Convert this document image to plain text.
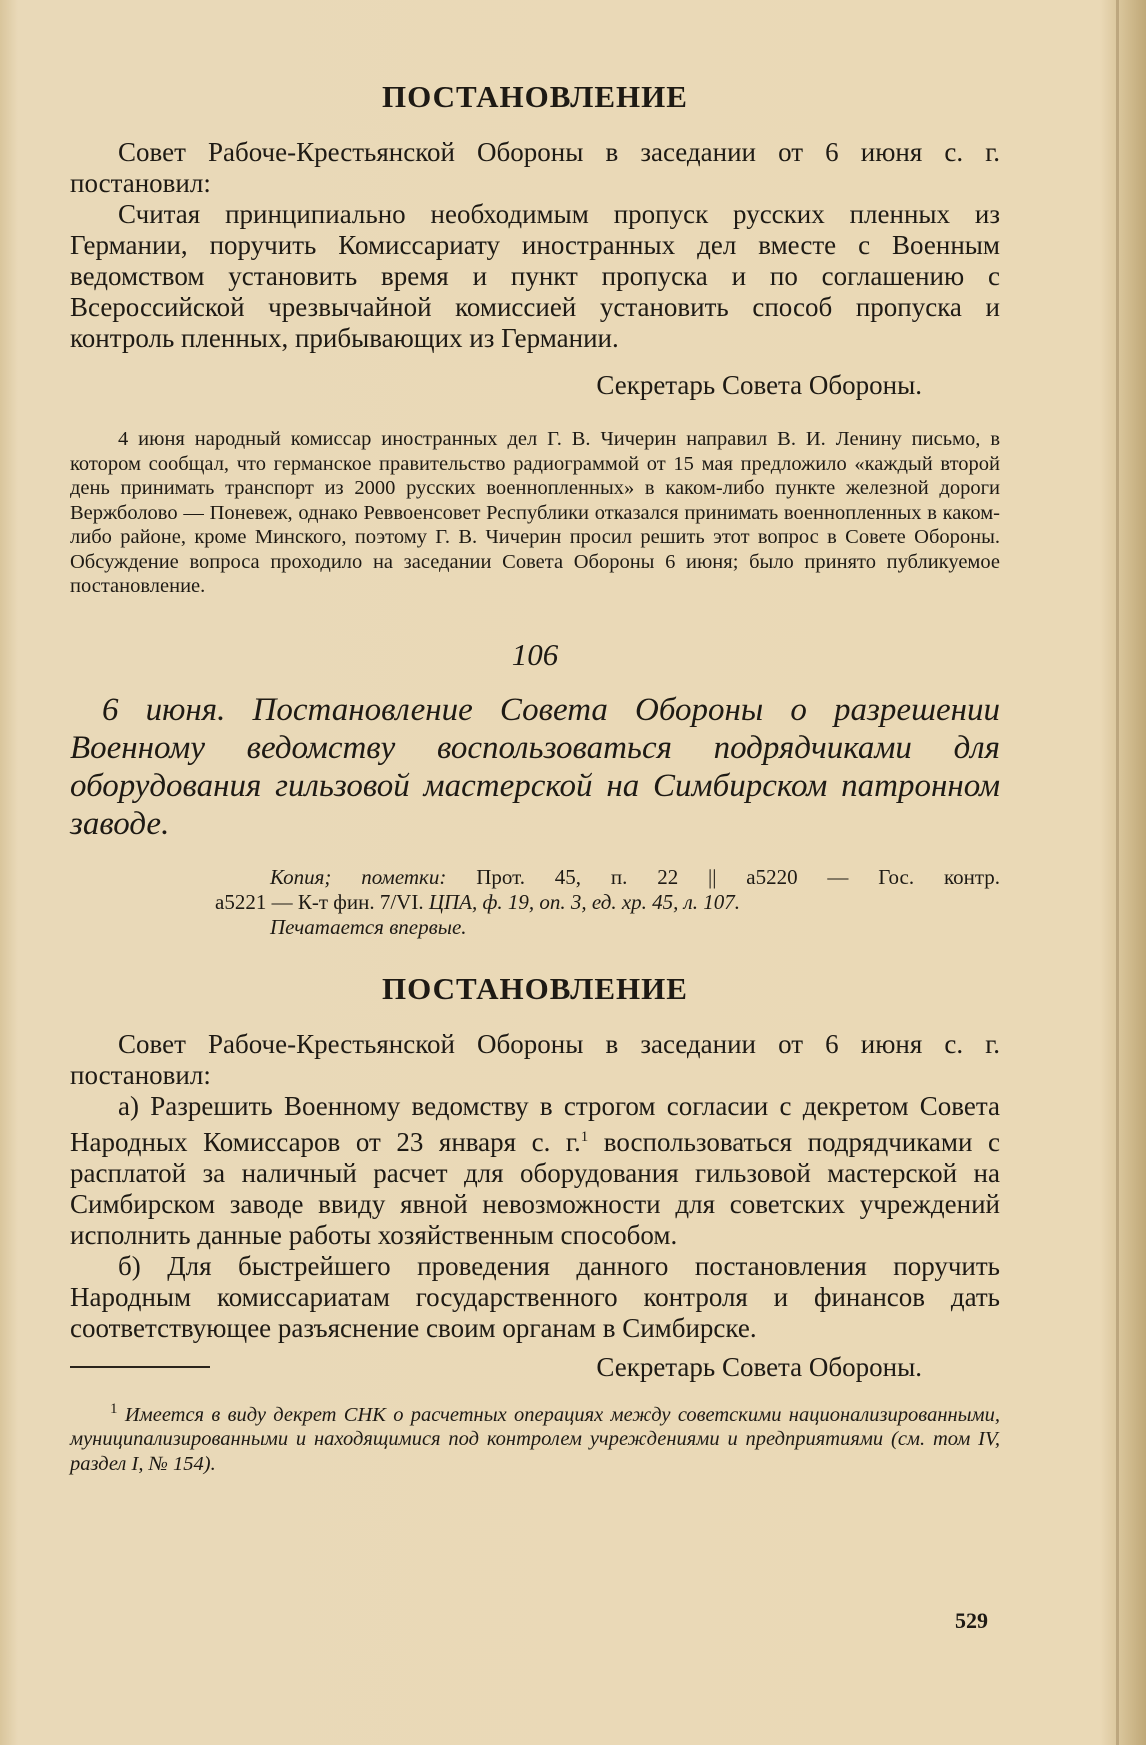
ПОСТАНОВЛЕНИЕ

Совет Рабоче-Крестьянской Обороны в заседании от 6 июня с. г. постановил:

Считая принципиально необходимым пропуск русских пленных из Германии, поручить Комиссариату иностранных дел вместе с Военным ведомством установить время и пункт пропуска и по соглашению с Всероссийской чрезвычайной комиссией установить способ пропуска и контроль пленных, прибывающих из Германии.

Секретарь Совета Обороны.

4 июня народный комиссар иностранных дел Г. В. Чичерин направил В. И. Ленину письмо, в котором сообщал, что германское правительство радиограммой от 15 мая предложило «каждый второй день принимать транспорт из 2000 русских военнопленных» в каком-либо пункте железной дороги Вержболово — Поневеж, однако Реввоенсовет Республики отказался принимать военнопленных в каком-либо районе, кроме Минского, поэтому Г. В. Чичерин просил решить этот вопрос в Совете Обороны. Обсуждение вопроса проходило на заседании Совета Обороны 6 июня; было принято публикуемое постановление.

106

6 июня. Постановление Совета Обороны о разрешении Военному ведомству воспользоваться подрядчиками для оборудования гильзовой мастерской на Симбирском патронном заводе.

Копия; пометки: Прот. 45, п. 22 || а5220 — Гос. контр.
а5221 — К-т фин. 7/VI. ЦПА, ф. 19, оп. 3, ед. хр. 45, л. 107.
Печатается впервые.
ПОСТАНОВЛЕНИЕ

Совет Рабоче-Крестьянской Обороны в заседании от 6 июня с. г. постановил:

а) Разрешить Военному ведомству в строгом согласии с декретом Совета Народных Комиссаров от 23 января с. г.$^1$ воспользоваться подрядчиками с расплатой за наличный расчет для оборудования гильзовой мастерской на Симбирском заводе ввиду явной невозможности для советских учреждений исполнить данные работы хозяйственным способом.

б) Для быстрейшего проведения данного постановления поручить Народным комиссариатам государственного контроля и финансов дать соответствующее разъяснение своим органам в Симбирске.

Секретарь Совета Обороны.

$^1$ Имеется в виду декрет СНК о расчетных операциях между советскими национализированными, муниципализированными и находящимися под контролем учреждениями и предприятиями (см. том IV, раздел I, № 154).

529
